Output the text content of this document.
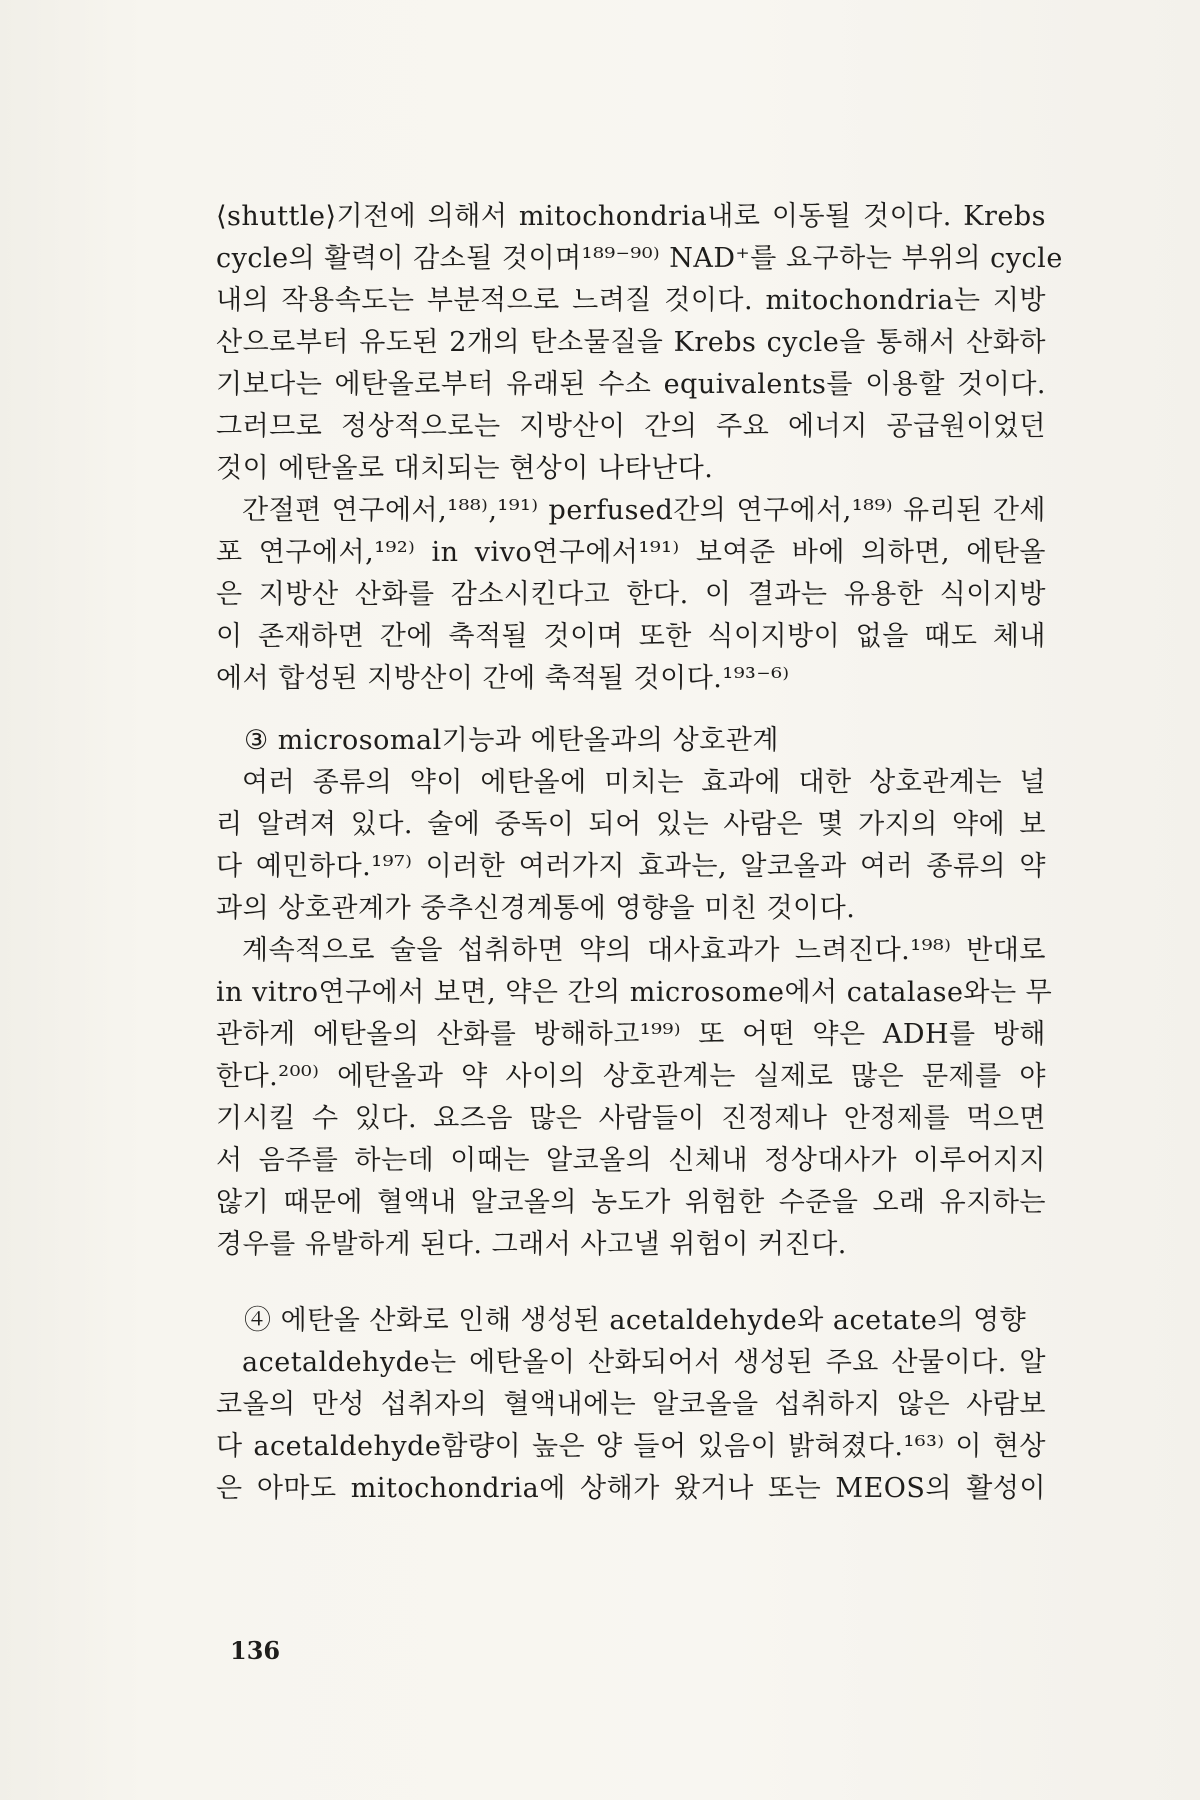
⟨shuttle⟩기전에 의해서 mitochondria내로 이동될 것이다. Krebs
cycle의 활력이 감소될 것이며¹⁸⁹⁻⁹⁰⁾ NAD⁺를 요구하는 부위의 cycle
내의 작용속도는 부분적으로 느려질 것이다. mitochondria는 지방
산으로부터 유도된 2개의 탄소물질을 Krebs cycle을 통해서 산화하
기보다는 에탄올로부터 유래된 수소 equivalents를 이용할 것이다.
그러므로 정상적으로는 지방산이 간의 주요 에너지 공급원이었던
것이 에탄올로 대치되는 현상이 나타난다.
간절편 연구에서,¹⁸⁸⁾,¹⁹¹⁾ perfused간의 연구에서,¹⁸⁹⁾ 유리된 간세
포 연구에서,¹⁹²⁾ in vivo연구에서¹⁹¹⁾ 보여준 바에 의하면, 에탄올
은 지방산 산화를 감소시킨다고 한다. 이 결과는 유용한 식이지방
이 존재하면 간에 축적될 것이며 또한 식이지방이 없을 때도 체내
에서 합성된 지방산이 간에 축적될 것이다.¹⁹³⁻⁶⁾
③ microsomal기능과 에탄올과의 상호관계
여러 종류의 약이 에탄올에 미치는 효과에 대한 상호관계는 널
리 알려져 있다. 술에 중독이 되어 있는 사람은 몇 가지의 약에 보
다 예민하다.¹⁹⁷⁾ 이러한 여러가지 효과는, 알코올과 여러 종류의 약
과의 상호관계가 중추신경계통에 영향을 미친 것이다.
계속적으로 술을 섭취하면 약의 대사효과가 느려진다.¹⁹⁸⁾ 반대로
in vitro연구에서 보면, 약은 간의 microsome에서 catalase와는 무
관하게 에탄올의 산화를 방해하고¹⁹⁹⁾ 또 어떤 약은 ADH를 방해
한다.²⁰⁰⁾ 에탄올과 약 사이의 상호관계는 실제로 많은 문제를 야
기시킬 수 있다. 요즈음 많은 사람들이 진정제나 안정제를 먹으면
서 음주를 하는데 이때는 알코올의 신체내 정상대사가 이루어지지
않기 때문에 혈액내 알코올의 농도가 위험한 수준을 오래 유지하는
경우를 유발하게 된다. 그래서 사고낼 위험이 커진다.
④ 에탄올 산화로 인해 생성된 acetaldehyde와 acetate의 영향
acetaldehyde는 에탄올이 산화되어서 생성된 주요 산물이다. 알
코올의 만성 섭취자의 혈액내에는 알코올을 섭취하지 않은 사람보
다 acetaldehyde함량이 높은 양 들어 있음이 밝혀졌다.¹⁶³⁾ 이 현상
은 아마도 mitochondria에 상해가 왔거나 또는 MEOS의 활성이
136
